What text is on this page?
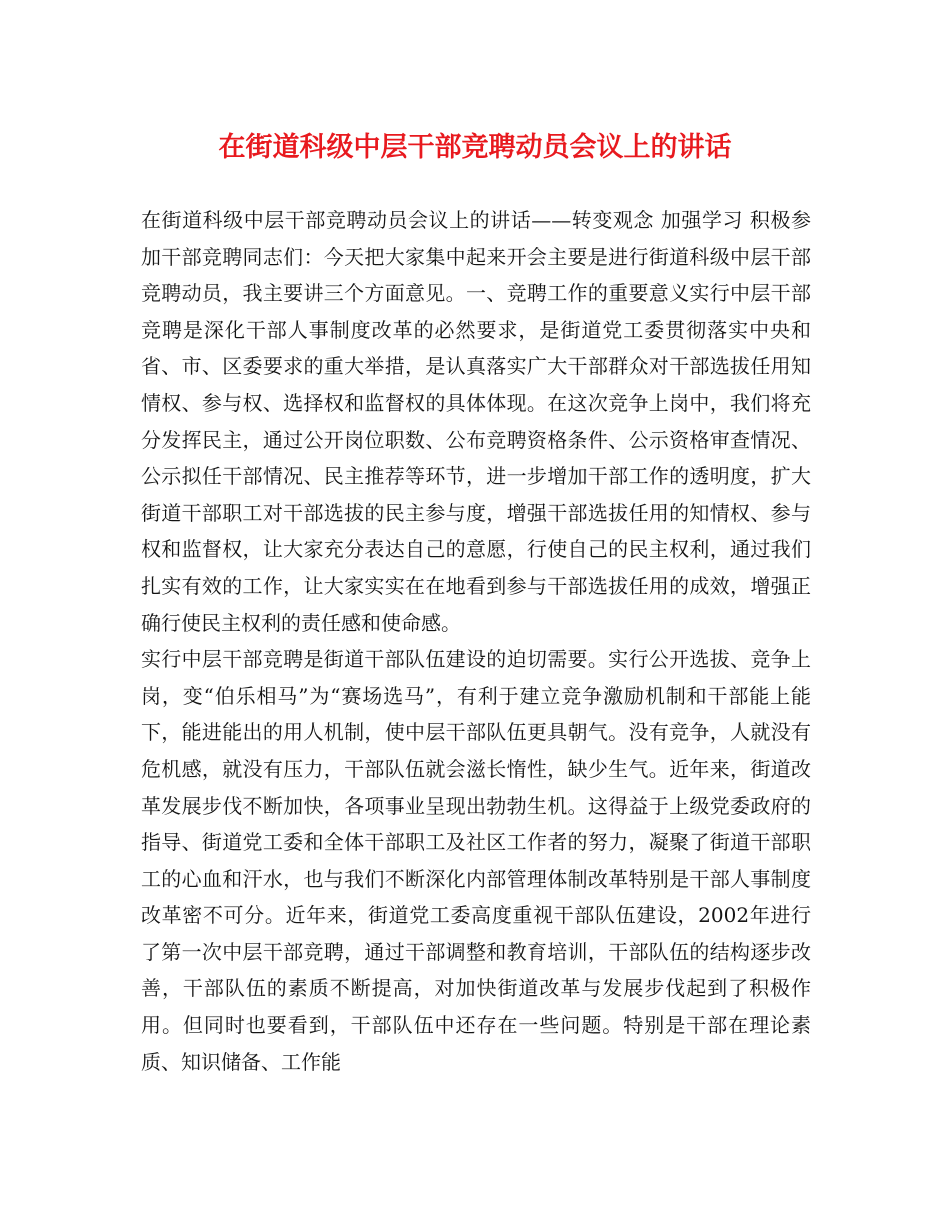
在街道科级中层干部竞聘动员会议上的讲话

在街道科级中层干部竞聘动员会议上的讲话——转变观念 加强学习 积极参加干部竞聘同志们：今天把大家集中起来开会主要是进行街道科级中层干部竞聘动员，我主要讲三个方面意见。一、竞聘工作的重要意义实行中层干部竞聘是深化干部人事制度改革的必然要求，是街道党工委贯彻落实中央和省、市、区委要求的重大举措，是认真落实广大干部群众对干部选拔任用知情权、参与权、选择权和监督权的具体体现。在这次竞争上岗中，我们将充分发挥民主，通过公开岗位职数、公布竞聘资格条件、公示资格审查情况、公示拟任干部情况、民主推荐等环节，进一步增加干部工作的透明度，扩大街道干部职工对干部选拔的民主参与度，增强干部选拔任用的知情权、参与权和监督权，让大家充分表达自己的意愿，行使自己的民主权利，通过我们扎实有效的工作，让大家实实在在地看到参与干部选拔任用的成效，增强正确行使民主权利的责任感和使命感。

实行中层干部竞聘是街道干部队伍建设的迫切需要。实行公开选拔、竞争上岗，变“伯乐相马”为“赛场选马”，有利于建立竞争激励机制和干部能上能下，能进能出的用人机制，使中层干部队伍更具朝气。没有竞争，人就没有危机感，就没有压力，干部队伍就会滋长惰性，缺少生气。近年来，街道改革发展步伐不断加快，各项事业呈现出勃勃生机。这得益于上级党委政府的指导、街道党工委和全体干部职工及社区工作者的努力，凝聚了街道干部职工的心血和汗水，也与我们不断深化内部管理体制改革特别是干部人事制度改革密不可分。近年来，街道党工委高度重视干部队伍建设，2002年进行了第一次中层干部竞聘，通过干部调整和教育培训，干部队伍的结构逐步改善，干部队伍的素质不断提高，对加快街道改革与发展步伐起到了积极作用。但同时也要看到，干部队伍中还存在一些问题。特别是干部在理论素质、知识储备、工作能
